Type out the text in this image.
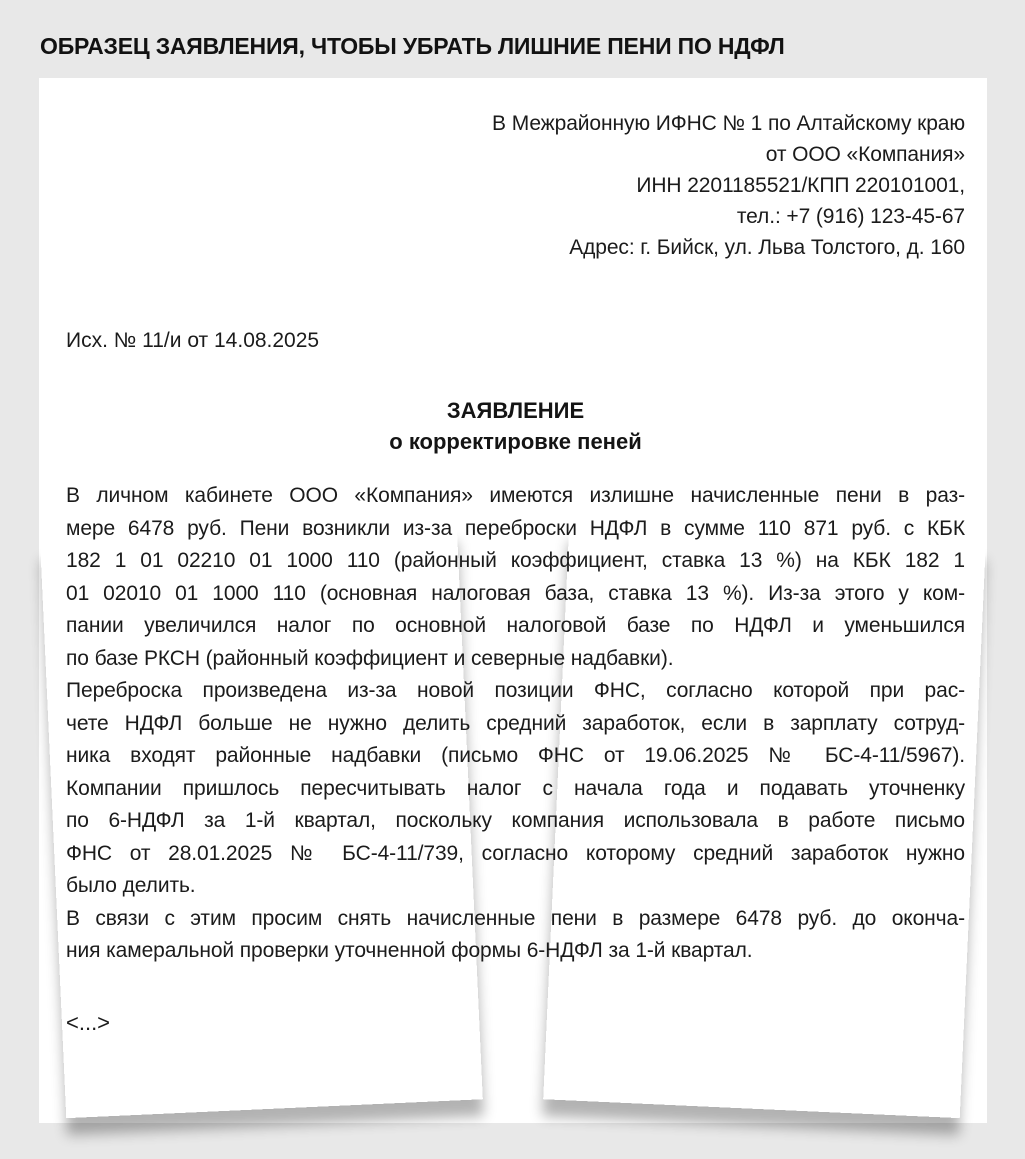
ОБРАЗЕЦ ЗАЯВЛЕНИЯ, ЧТОБЫ УБРАТЬ ЛИШНИЕ ПЕНИ ПО НДФЛ
В Межрайонную ИФНС № 1 по Алтайскому краю
от ООО «Компания»
ИНН 2201185521/КПП 220101001,
тел.: +7 (916) 123-45-67
Адрес: г. Бийск, ул. Льва Толстого, д. 160
Исх. № 11/и от 14.08.2025
ЗАЯВЛЕНИЕ
о корректировке пеней
В личном кабинете ООО «Компания» имеются излишне начисленные пени в раз-
мере 6478 руб. Пени возникли из-за переброски НДФЛ в сумме 110 871 руб. с КБК
182 1 01 02210 01 1000 110 (районный коэффициент, ставка 13 %) на КБК 182 1
01 02010 01 1000 110 (основная налоговая база, ставка 13 %). Из-за этого у ком-
пании увеличился налог по основной налоговой базе по НДФЛ и уменьшился
по базе РКСН (районный коэффициент и северные надбавки).
Переброска произведена из-за новой позиции ФНС, согласно которой при рас-
чете НДФЛ больше не нужно делить средний заработок, если в зарплату сотруд-
ника входят районные надбавки (письмо ФНС от 19.06.2025 № БС-4-11/5967).
Компании пришлось пересчитывать налог с начала года и подавать уточненку
по 6-НДФЛ за 1-й квартал, поскольку компания использовала в работе письмо
ФНС от 28.01.2025 № БС-4-11/739, согласно которому средний заработок нужно
было делить.
В связи с этим просим снять начисленные пени в размере 6478 руб. до оконча-
ния камеральной проверки уточненной формы 6-НДФЛ за 1-й квартал.
<...>
